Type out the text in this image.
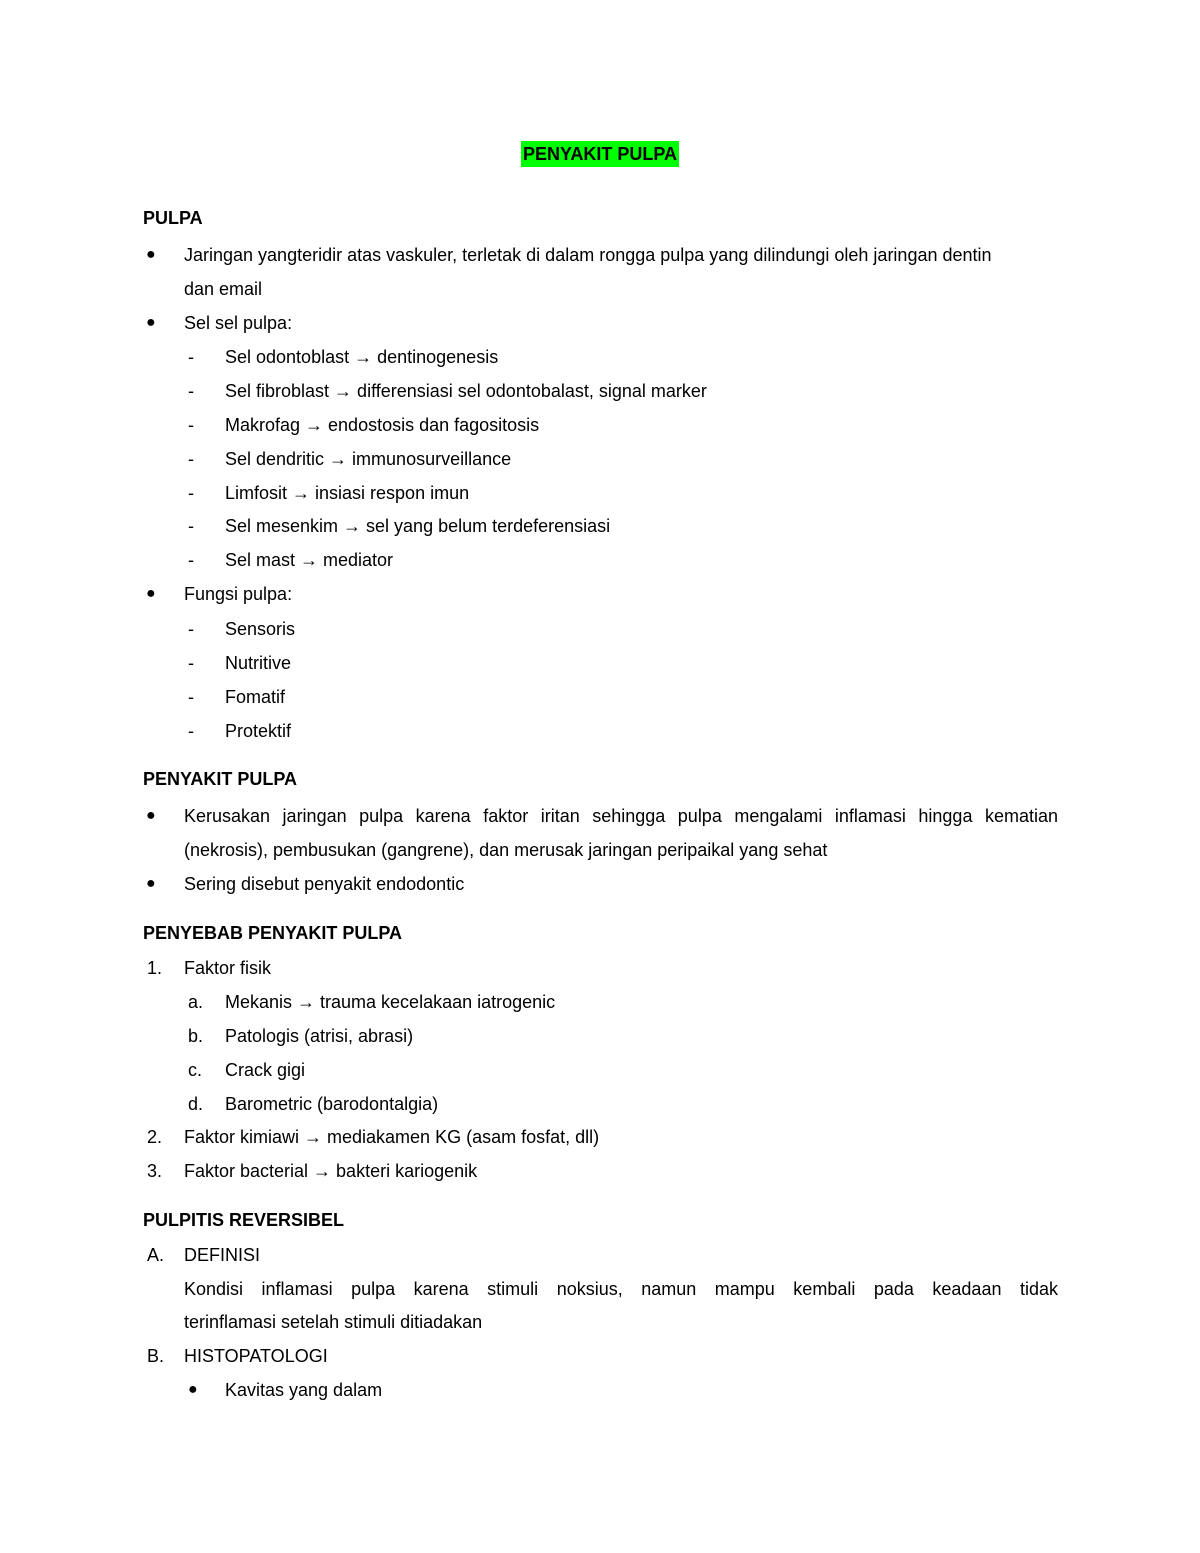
PENYAKIT PULPA
PULPA
● Jaringan yangteridir atas vaskuler, terletak di dalam rongga pulpa yang dilindungi oleh jaringan dentin
dan email
● Sel sel pulpa:
- Sel odontoblast → dentinogenesis
- Sel fibroblast → differensiasi sel odontobalast, signal marker
- Makrofag → endostosis dan fagositosis
- Sel dendritic → immunosurveillance
- Limfosit → insiasi respon imun
- Sel mesenkim → sel yang belum terdeferensiasi
- Sel mast → mediator
● Fungsi pulpa:
- Sensoris
- Nutritive
- Fomatif
- Protektif
PENYAKIT PULPA
● Kerusakan jaringan pulpa karena faktor iritan sehingga pulpa mengalami inflamasi hingga kematian
(nekrosis), pembusukan (gangrene), dan merusak jaringan peripaikal yang sehat
● Sering disebut penyakit endodontic
PENYEBAB PENYAKIT PULPA
1. Faktor fisik
a. Mekanis → trauma kecelakaan iatrogenic
b. Patologis (atrisi, abrasi)
c. Crack gigi
d. Barometric (barodontalgia)
2. Faktor kimiawi → mediakamen KG (asam fosfat, dll)
3. Faktor bacterial → bakteri kariogenik
PULPITIS REVERSIBEL
A. DEFINISI
Kondisi inflamasi pulpa karena stimuli noksius, namun mampu kembali pada keadaan tidak
terinflamasi setelah stimuli ditiadakan
B. HISTOPATOLOGI
● Kavitas yang dalam
